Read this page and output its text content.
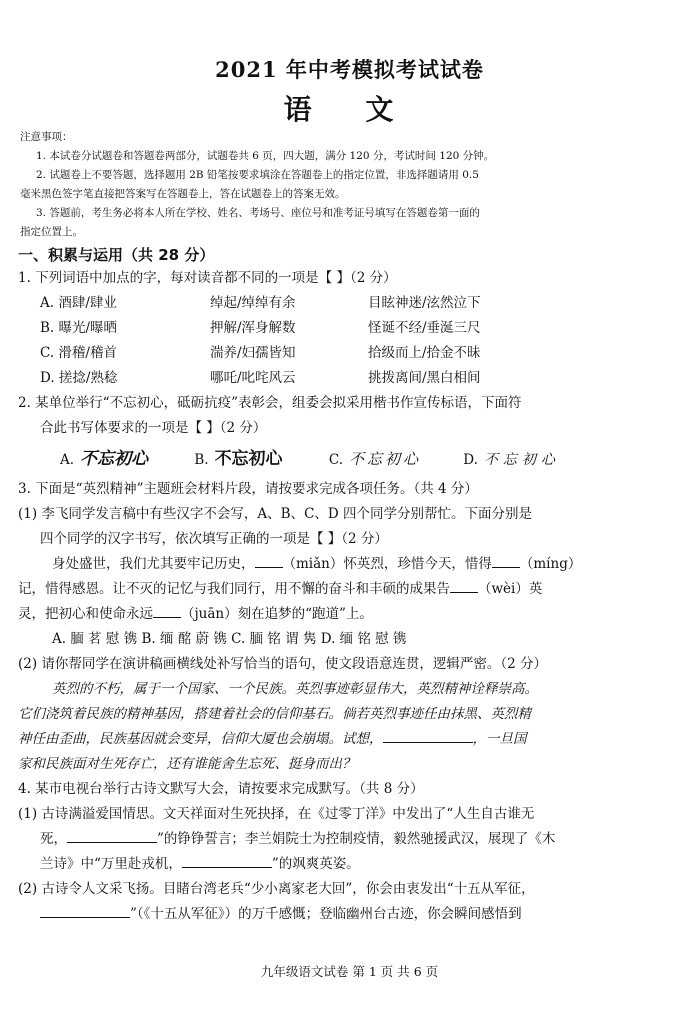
2021 年中考模拟考试试卷
语 文
注意事项：
1. 本试卷分试题卷和答题卷两部分，试题卷共 6 页，四大题，满分 120 分，考试时间 120 分钟。
2. 试题卷上不要答题，选择题用 2B 铅笔按要求填涂在答题卷上的指定位置，非选择题请用 0.5
毫米黑色签字笔直接把答案写在答题卷上，答在试题卷上的答案无效。
3. 答题前，考生务必将本人所在学校、姓名、考场号、座位号和准考证号填写在答题卷第一面的
指定位置上。
一、积累与运用（共 28 分）
1. 下列词语中加点的字，每对读音都不同的一项是【 】（2 分）
A. 酒肆/肆业	绰起/绰绰有余	目眩神迷/泫然泣下
B. 曝光/曝晒	押解/浑身解数	怪诞不经/垂涎三尺
C. 滑稽/稽首	湍养/妇孺皆知	拾级而上/拾金不昧
D. 搓捻/熟稔	哪吒/叱咤风云	挑拨离间/黑白相间
2. 某单位举行“不忘初心，砥砺抗疫”表彰会，组委会拟采用楷书作宣传标语，下面符
合此书写体要求的一项是【 】（2 分）
A. 不忘初心	B. 不忘初心	C. 不忘初心	D. 不忘初心
3. 下面是“英烈精神”主题班会材料片段，请按要求完成各项任务。（共 4 分）
(1) 李飞同学发言稿中有些汉字不会写，A、B、C、D 四个同学分别帮忙。下面分别是
四个同学的汉字书写，依次填写正确的一项是【 】（2 分）
身处盛世，我们尤其要牢记历史， （miǎn）怀英烈，珍惜今天，惜得 （míng）
记，惜得感恩。让不灭的记忆与我们同行，用不懈的奋斗和丰硕的成果告 （wèi）英
灵，把初心和使命永远 （juān）刻在追梦的“跑道”上。
A. 腼 茗 慰 镌 B. 缅 酩 蔚 镌 C. 腼 铭 谓 隽 D. 缅 铭 慰 镌
(2) 请你帮同学在演讲稿画横线处补写恰当的语句，使文段语意连贯，逻辑严密。（2 分）
英烈的不朽，属于一个国家、一个民族。英烈事迹彰显伟大，英烈精神诠释崇高。
它们浇筑着民族的精神基因，搭建着社会的信仰基石。倘若英烈事迹任由抹黑、英烈精
神任由歪曲，民族基因就会变异，信仰大厦也会崩塌。试想，	，一旦国
家和民族面对生死存亡，还有谁能舍生忘死、挺身而出？
4. 某市电视台举行古诗文默写大会，请按要求完成默写。（共 8 分）
(1) 古诗满溢爱国情思。文天祥面对生死抉择，在《过零丁洋》中发出了“人生自古谁无
死，	”的铮铮誓言；李兰娟院士为控制疫情，毅然驰援武汉，展现了《木
兰诗》中“万里赴戎机，	”的飒爽英姿。
(2) 古诗令人文采飞扬。目睹台湾老兵“少小离家老大回”，你会由衷发出“十五从军征，
”（《十五从军征》）的万千感慨；登临幽州台古迹，你会瞬间感悟到
九年级语文试卷 第 1 页 共 6 页
